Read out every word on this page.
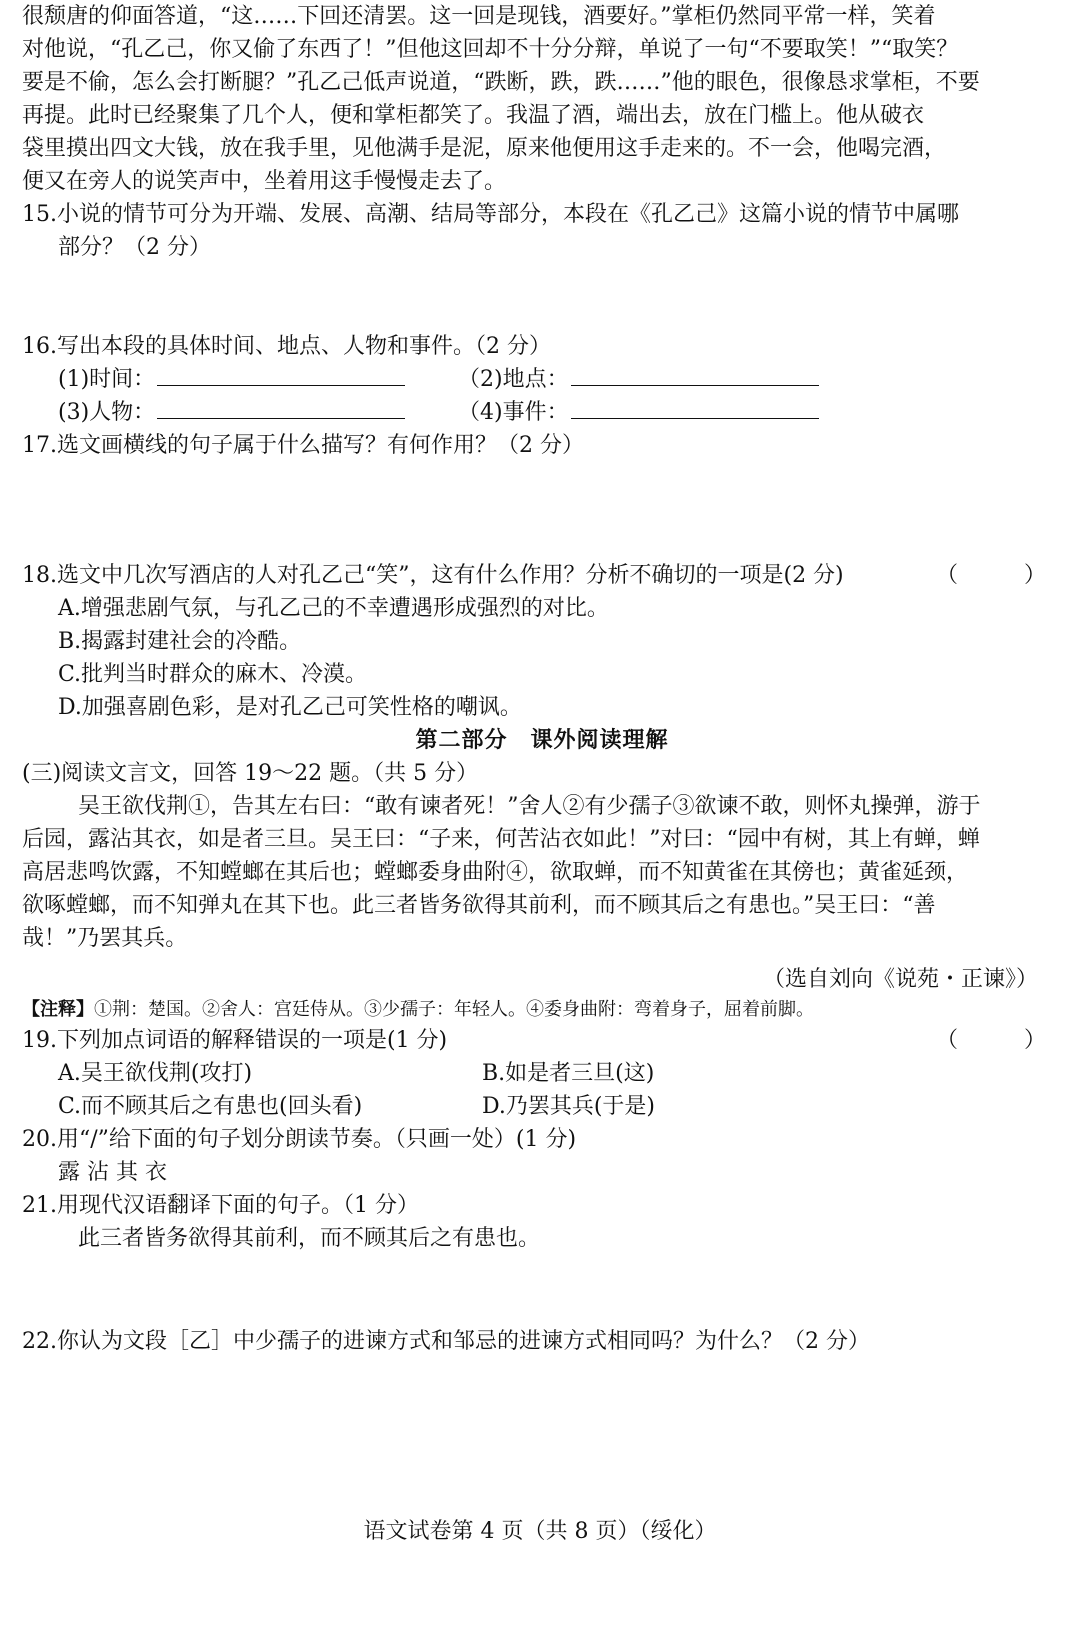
很颓唐的仰面答道，“这……下回还清罢。这一回是现钱，酒要好。”掌柜仍然同平常一样，笑着
对他说，“孔乙己，你又偷了东西了！”但他这回却不十分分辩，单说了一句“不要取笑！”“取笑？
要是不偷，怎么会打断腿？”孔乙己低声说道，“跌断，跌，跌……”他的眼色，很像恳求掌柜，不要
再提。此时已经聚集了几个人，便和掌柜都笑了。我温了酒，端出去，放在门槛上。他从破衣
袋里摸出四文大钱，放在我手里，见他满手是泥，原来他便用这手走来的。不一会，他喝完酒，
便又在旁人的说笑声中，坐着用这手慢慢走去了。
15.小说的情节可分为开端、发展、高潮、结局等部分，本段在《孔乙己》这篇小说的情节中属哪
部分？（2 分）
16.写出本段的具体时间、地点、人物和事件。（2 分）
(1)时间：	（2)地点：
(3)人物：	（4)事件：
17.选文画横线的句子属于什么描写？有何作用？（2 分）
18.选文中几次写酒店的人对孔乙己“笑”，这有什么作用？分析不确切的一项是(2 分)	（　　　）
A.增强悲剧气氛，与孔乙己的不幸遭遇形成强烈的对比。
B.揭露封建社会的冷酷。
C.批判当时群众的麻木、冷漠。
D.加强喜剧色彩，是对孔乙己可笑性格的嘲讽。
第二部分　课外阅读理解
(三)阅读文言文，回答 19～22 题。（共 5 分）
吴王欲伐荆①，告其左右曰：“敢有谏者死！”舍人②有少孺子③欲谏不敢，则怀丸操弹，游于
后园，露沾其衣，如是者三旦。吴王曰：“子来，何苦沾衣如此！”对曰：“园中有树，其上有蝉，蝉
高居悲鸣饮露，不知螳螂在其后也；螳螂委身曲附④，欲取蝉，而不知黄雀在其傍也；黄雀延颈，
欲啄螳螂，而不知弹丸在其下也。此三者皆务欲得其前利，而不顾其后之有患也。”吴王曰：“善
哉！”乃罢其兵。
（选自刘向《说苑・正谏》）
【注释】①荆：楚国。②舍人：宫廷侍从。③少孺子：年轻人。④委身曲附：弯着身子，屈着前脚。
19.下列加点词语的解释错误的一项是(1 分)	（　　　）
A.吴王欲伐荆(攻打)	B.如是者三旦(这)
C.而不顾其后之有患也(回头看)	D.乃罢其兵(于是)
20.用“/”给下面的句子划分朗读节奏。（只画一处）(1 分)
露 沾 其 衣
21.用现代汉语翻译下面的句子。（1 分）
此三者皆务欲得其前利，而不顾其后之有患也。
22.你认为文段［乙］中少孺子的进谏方式和邹忌的进谏方式相同吗？为什么？（2 分）
语文试卷第 4 页（共 8 页）（绥化）
